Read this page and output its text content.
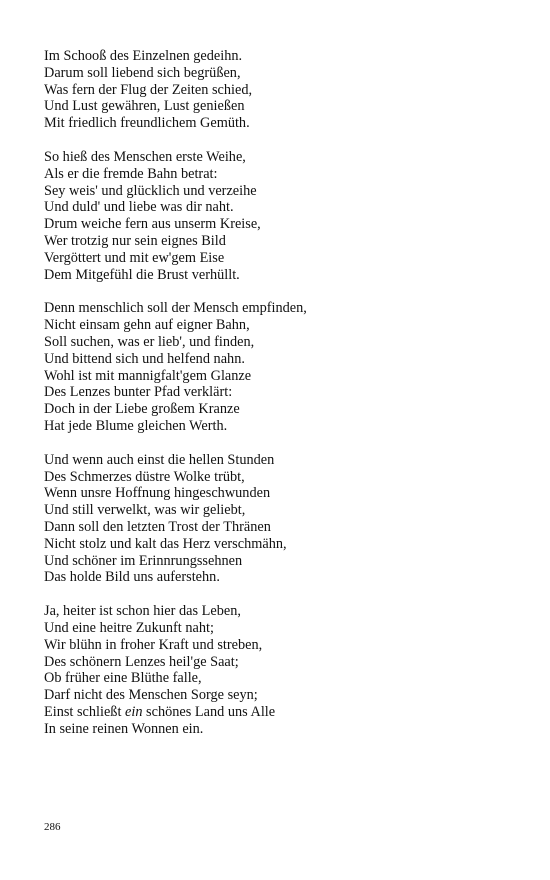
Im Schooß des Einzelnen gedeihn.
Darum soll liebend sich begrüßen,
Was fern der Flug der Zeiten schied,
Und Lust gewähren, Lust genießen
Mit friedlich freundlichem Gemüth.
So hieß des Menschen erste Weihe,
Als er die fremde Bahn betrat:
Sey weis' und glücklich und verzeihe
Und duld' und liebe was dir naht.
Drum weiche fern aus unserm Kreise,
Wer trotzig nur sein eignes Bild
Vergöttert und mit ew'gem Eise
Dem Mitgefühl die Brust verhüllt.
Denn menschlich soll der Mensch empfinden,
Nicht einsam gehn auf eigner Bahn,
Soll suchen, was er lieb', und finden,
Und bittend sich und helfend nahn.
Wohl ist mit mannigfalt'gem Glanze
Des Lenzes bunter Pfad verklärt:
Doch in der Liebe großem Kranze
Hat jede Blume gleichen Werth.
Und wenn auch einst die hellen Stunden
Des Schmerzes düstre Wolke trübt,
Wenn unsre Hoffnung hingeschwunden
Und still verwelkt, was wir geliebt,
Dann soll den letzten Trost der Thränen
Nicht stolz und kalt das Herz verschmähn,
Und schöner im Erinnrungssehnen
Das holde Bild uns auferstehn.
Ja, heiter ist schon hier das Leben,
Und eine heitre Zukunft naht;
Wir blühn in froher Kraft und streben,
Des schönern Lenzes heil'ge Saat;
Ob früher eine Blüthe falle,
Darf nicht des Menschen Sorge seyn;
Einst schließt ein schönes Land uns Alle
In seine reinen Wonnen ein.
286
